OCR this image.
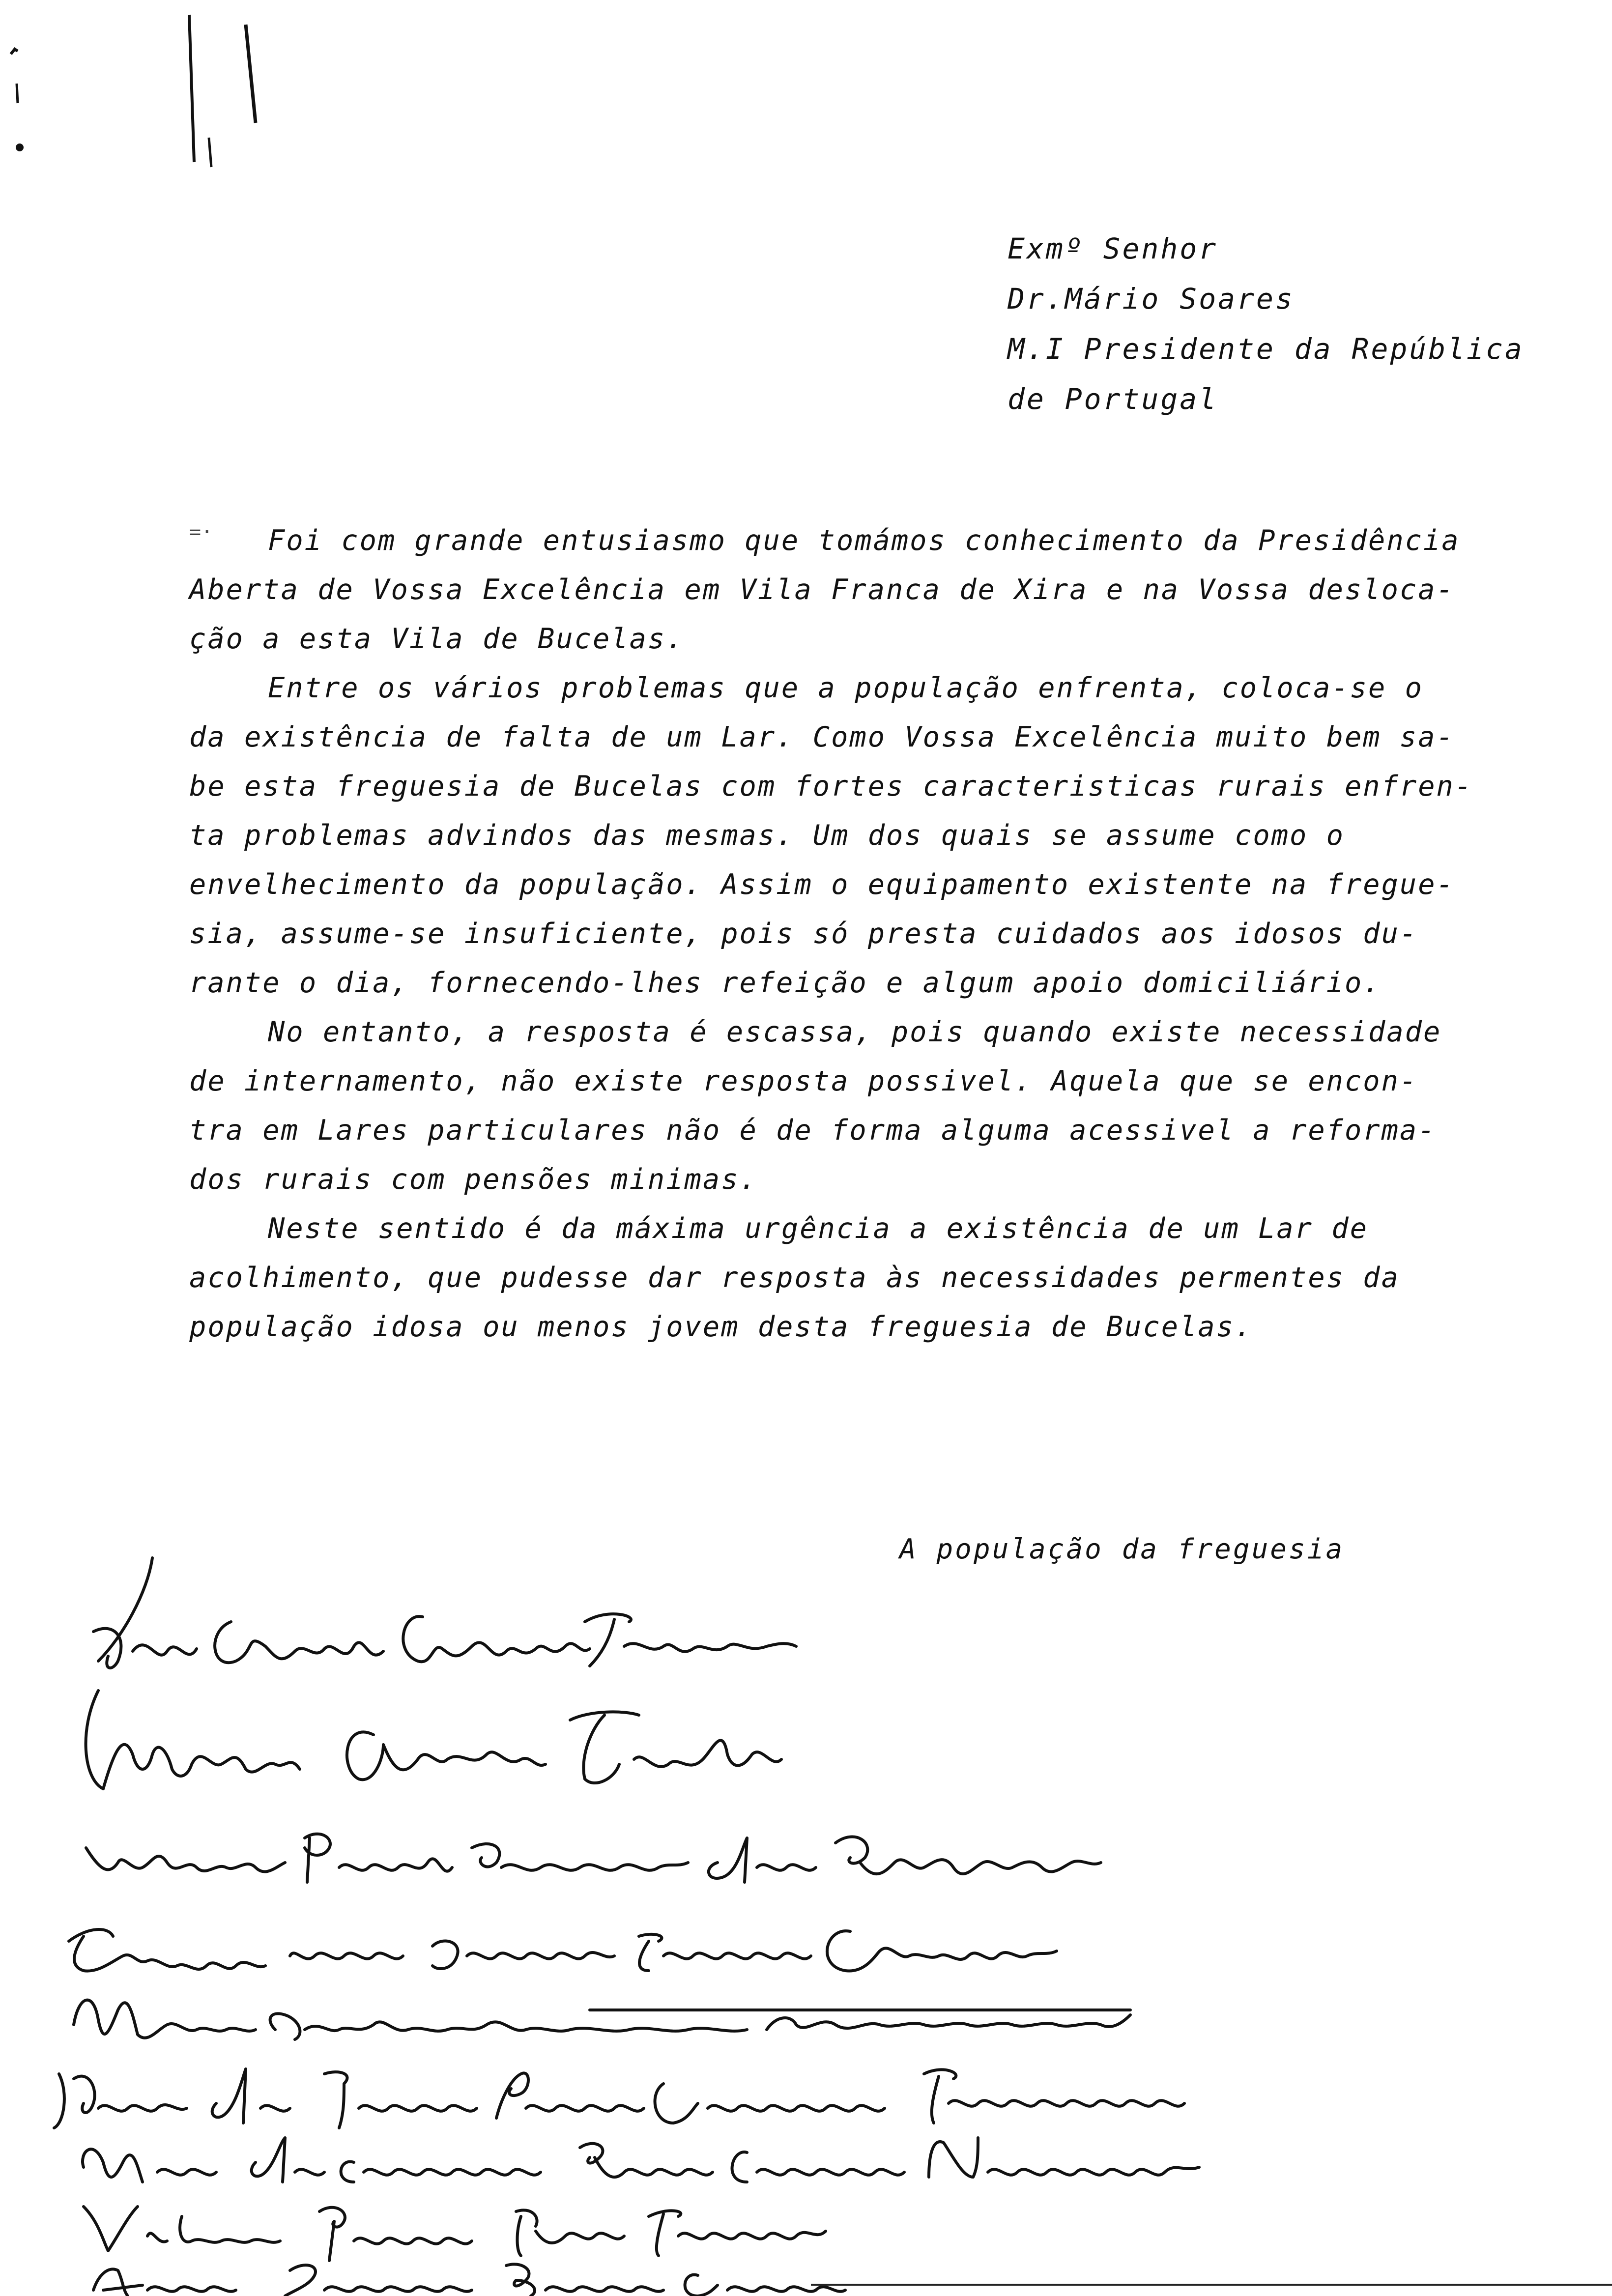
Exmº Senhor
Dr.Mário Soares
M.I Presidente da República
de Portugal
=·	Foi com grande entusiasmo que tomámos conhecimento da Presidência
Aberta de Vossa Excelência em Vila Franca de Xira e na Vossa desloca-
ção a esta Vila de Bucelas.
Entre os vários problemas que a população enfrenta, coloca-se o
da existência de falta de um Lar. Como Vossa Excelência muito bem sa-
be esta freguesia de Bucelas com fortes caracteristicas rurais enfren-
ta problemas advindos das mesmas. Um dos quais se assume como o
envelhecimento da população. Assim o equipamento existente na fregue-
sia, assume-se insuficiente, pois só presta cuidados aos idosos du-
rante o dia, fornecendo-lhes refeição e algum apoio domiciliário.
No entanto, a resposta é escassa, pois quando existe necessidade
de internamento, não existe resposta possivel. Aquela que se encon-
tra em Lares particulares não é de forma alguma acessivel a reforma-
dos rurais com pensões minimas.
Neste sentido é da máxima urgência a existência de um Lar de
acolhimento, que pudesse dar resposta às necessidades permentes da
população idosa ou menos jovem desta freguesia de Bucelas.
A população da freguesia
